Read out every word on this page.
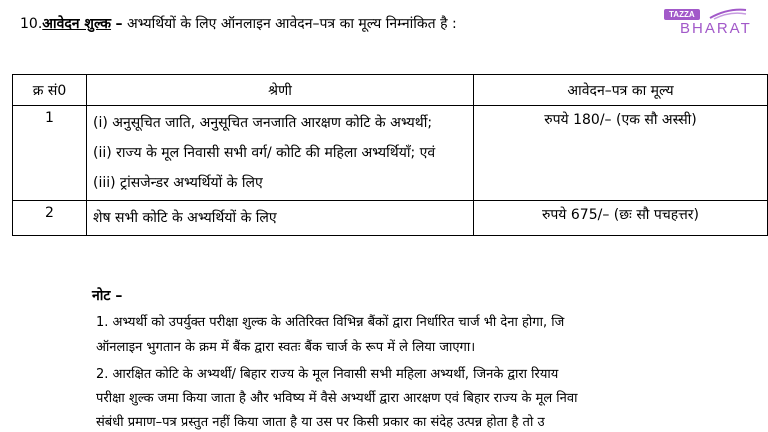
10.आवेदन शुल्क – अभ्यर्थियों के लिए ऑनलाइन आवेदन–पत्र का मूल्य निम्नांकित है :
TAZZA
BHARAT
क्र सं0	श्रेणी	आवेदन–पत्र का मूल्य
1	(i) अनुसूचित जाति, अनुसूचित जनजाति आरक्षण कोटि के अभ्यर्थी;
(ii) राज्य के मूल निवासी सभी वर्ग/ कोटि की महिला अभ्यर्थियाँ; एवं
(iii) ट्रांसजेन्डर अभ्यर्थियों के लिए	रुपये 180/– (एक सौ अस्सी)
2	शेष सभी कोटि के अभ्यर्थियों के लिए	रुपये 675/– (छः सौ पचहत्तर)
नोट –
1. अभ्यर्थी को उपर्युक्त परीक्षा शुल्क के अतिरिक्त विभिन्न बैंकों द्वारा निर्धारित चार्ज भी देना होगा, जि
ऑनलाइन भुगतान के क्रम में बैंक द्वारा स्वतः बैंक चार्ज के रूप में ले लिया जाएगा।
2. आरक्षित कोटि के अभ्यर्थी/ बिहार राज्य के मूल निवासी सभी महिला अभ्यर्थी, जिनके द्वारा रियाय
परीक्षा शुल्क जमा किया जाता है और भविष्य में वैसे अभ्यर्थी द्वारा आरक्षण एवं बिहार राज्य के मूल निवा
संबंधी प्रमाण–पत्र प्रस्तुत नहीं किया जाता है या उस पर किसी प्रकार का संदेह उत्पन्न होता है तो उ
